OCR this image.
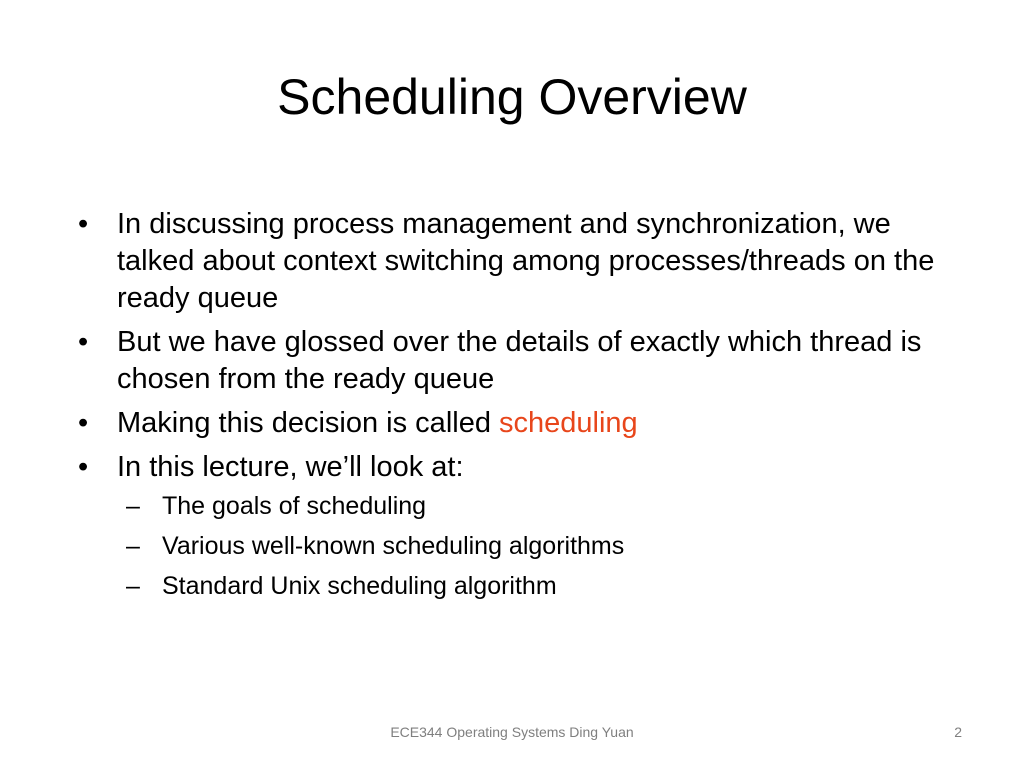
Scheduling Overview
• In discussing process management and synchronization, we talked about context switching among processes/threads on the ready queue
• But we have glossed over the details of exactly which thread is chosen from the ready queue
• Making this decision is called scheduling
• In this lecture, we’ll look at:
– The goals of scheduling
– Various well-known scheduling algorithms
– Standard Unix scheduling algorithm
ECE344 Operating Systems Ding Yuan	2
